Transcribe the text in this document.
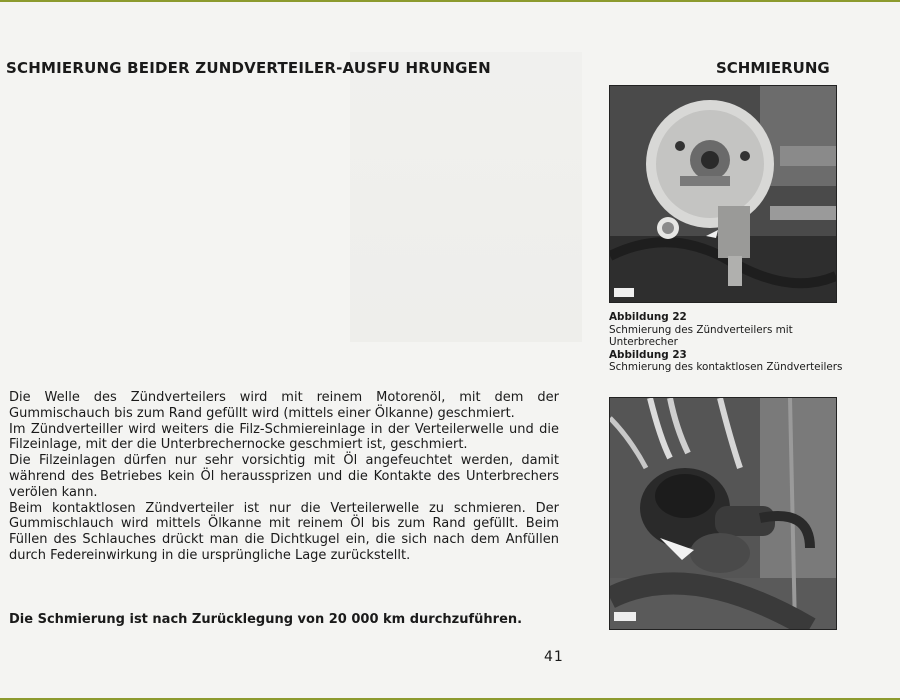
SCHMIERUNG BEIDER ZUNDVERTEILER-AUSFU HRUNGEN	SCHMIERUNG
Abbildung 22
Schmierung des Zündverteilers mit Unterbrecher
Abbildung 23
Schmierung des kontaktlosen Zündverteilers

Die Welle des Zündverteilers wird mit reinem Motorenöl, mit dem der Gummischauch bis zum Rand gefüllt wird (mittels einer Ölkanne) geschmiert.

Im Zündverteiller wird weiters die Filz-Schmiereinlage in der Verteilerwelle und die Filzeinlage, mit der die Unterbrechernocke geschmiert ist, geschmiert.

Die Filzeinlagen dürfen nur sehr vorsichtig mit Öl angefeuchtet werden, damit während des Betriebes kein Öl heraussprizen und die Kontakte des Unterbrechers verölen kann.

Beim kontaktlosen Zündverteiler ist nur die Verteilerwelle zu schmieren. Der Gummischlauch wird mittels Ölkanne mit reinem Öl bis zum Rand gefüllt. Beim Füllen des Schlauches drückt man die Dichtkugel ein, die sich nach dem Anfüllen durch Federeinwirkung in die ursprüngliche Lage zurückstellt.

Die Schmierung ist nach Zurücklegung von 20 000 km durchzuführen.
41
